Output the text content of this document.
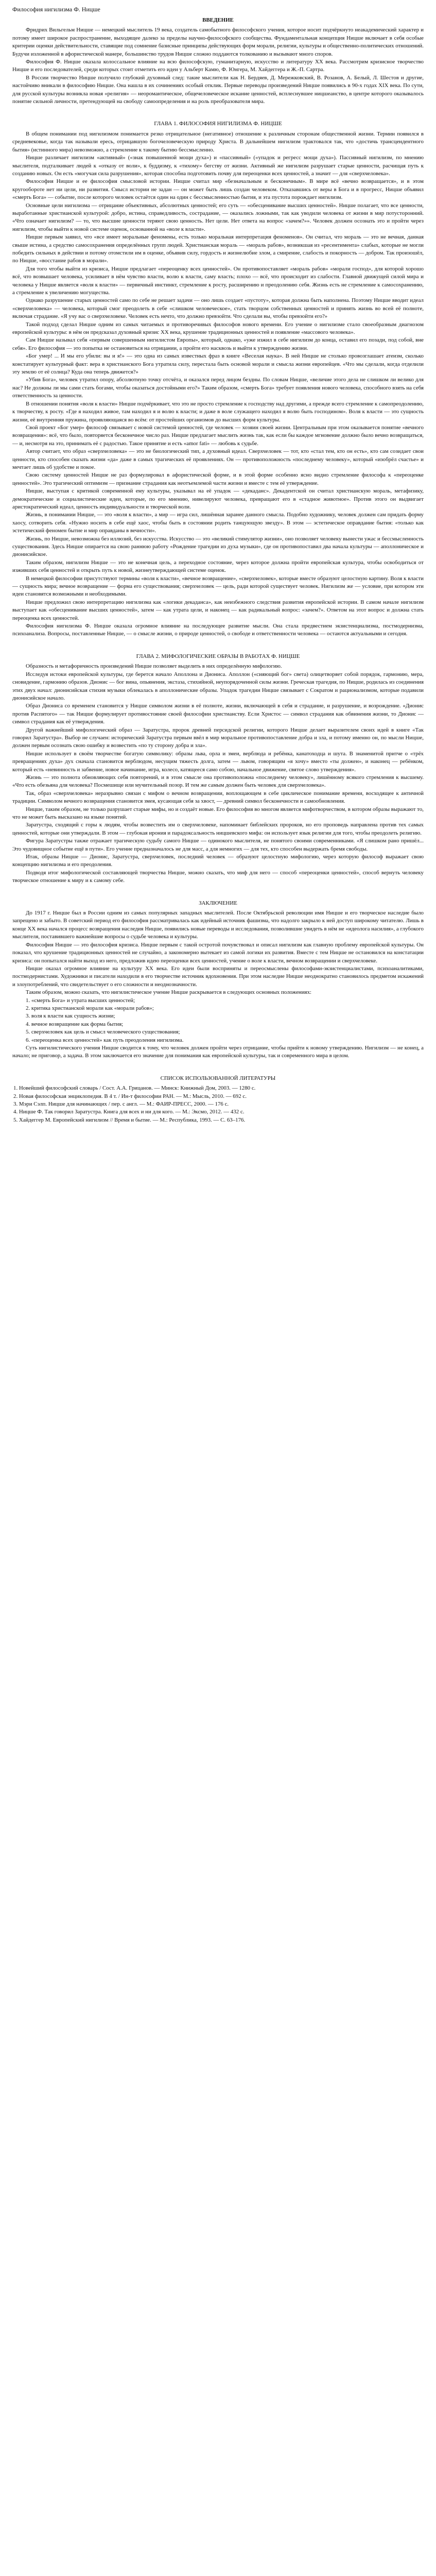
Философия нигилизма Ф. Ницше
ВВЕДЕНИЕ

Фридрих Вильгельм Ницше — немецкий мыслитель 19 века, создатель самобытного философского учения, которое носит подчёркнуто неакадемический характер и потому имеет широкое распространение, выходящее далеко за пределы научно-философского сообщества. Фундаментальная концепция Ницше включает в себя особые критерии оценки действительности, ставящие под сомнение базисные принципы действующих форм морали, религии, культуры и общественно-политических отношений. Будучи изложенной в афористической манере, большинство трудов Ницше сложно поддаются толкованию и вызывают много споров.

Философия Ф. Ницше оказала колоссальное влияние на всю философскую, гуманитарную, искусство и литературу XX века. Рассмотрим кризисное творчество Ницше и его последователей, среди которых стоит отметить его идеи у Альберт Камю, Ф. Юнгера, М. Хайдеггера и Ж.-П. Сартра.

В России творчество Ницше получило глубокий духовный след: такие мыслители как Н. Бердяев, Д. Мережковский, В. Розанов, А. Белый, Л. Шестов и другие, настойчиво вникали в философию Ницше. Она нашла в их сочинениях особый отклик. Первые переводы произведений Ницше появились в 90-х годах XIX века. По сути, для русской культуры возникла новая «религия» — неоромантическое, общечеловеческое искание ценностей, всплеснувшее ницшеанство, в центре которого оказывалось понятие сильной личности, претендующей на свободу самоопределения и на роль преобразователя мира.

ГЛАВА 1. ФИЛОСОФИЯ НИГИЛИЗМА Ф. НИЦШЕ

В общем понимании под нигилизмом понимается резко отрицательное (негативное) отношение к различным сторонам общественной жизни. Термин появился в средневековье, когда так называли ересь, отрицавшую богочеловеческую природу Христа. В дальнейшем нигилизм трактовался так, что «достичь трансцендентного бытия» (истинного мира) невозможно, а стремление к такому бытию бессмысленно.

Ницше различает нигилизм «активный» («знак повышенной мощи духа») и «пассивный» («упадок и регресс мощи духа»). Пассивный нигилизм, по мнению мыслителя, подталкивает людей к «отказу от воли», к буддизму, к «тихому» бегству от жизни. Активный же нигилизм разрушает старые ценности, расчищая путь к созданию новых. Он есть «могучая сила разрушения», которая способна подготовить почву для переоценки всех ценностей, а значит — для «сверхчеловека».

Философия Ницше и ее философия смысловой истории. Ницше считал мир «безначальным и бесконечным». В мире всё «вечно возвращается», и в этом кругообороте нет ни цели, ни развития. Смысл истории не задан — он может быть лишь создан человеком. Отказавшись от веры в Бога и в прогресс, Ницше объявил «смерть Бога» — событие, после которого человек остаётся один на один с бессмысленностью бытия, и эта пустота порождает нигилизм.

Основные цели нигилизма — отрицание объективных, абсолютных ценностей; его суть — «обесценивание высших ценностей». Ницше полагает, что все ценности, выработанные христианской культурой: добро, истина, справедливость, сострадание, — оказались ложными, так как уводили человека от жизни в мир потусторонний. «Что означает нигилизм? — то, что высшие ценности теряют свою ценность. Нет цели. Нет ответа на вопрос «зачем?»». Человек должен осознать это и пройти через нигилизм, чтобы выйти к новой системе оценок, основанной на «воле к власти».

Ницше первым заявил, что «все имеет моральные феномены, есть только моральная интерпретация феноменов». Он считал, что мораль — это не вечная, данная свыше истина, а средство самосохранения определённых групп людей. Христианская мораль — «мораль рабов», возникшая из «ресентимента» слабых, которые не могли победить сильных в действии и потому отомстили им в оценке, объявив силу, гордость и жизнелюбие злом, а смирение, слабость и покорность — добром. Так произошёл, по Ницше, «восстание рабов в морали».

Для того чтобы выйти из кризиса, Ницше предлагает «переоценку всех ценностей». Он противопоставляет «мораль рабов» «морали господ», для которой хорошо всё, что возвышает человека, усиливает в нём чувство власти, волю к власти, саму власть; плохо — всё, что происходит из слабости. Главной движущей силой мира и человека у Ницше является «воля к власти» — первичный инстинкт, стремление к росту, расширению и преодолению себя. Жизнь есть не стремление к самосохранению, а стремление к увеличению могущества.

Однако разрушение старых ценностей само по себе не решает задачи — оно лишь создает «пустоту», которая должна быть наполнена. Поэтому Ницше вводит идеал «сверхчеловека» — человека, который смог преодолеть в себе «слишком человеческое», стать творцом собственных ценностей и принять жизнь во всей её полноте, включая страдание. «Я учу вас о сверхчеловеке. Человек есть нечто, что должно превзойти. Что сделали вы, чтобы превзойти его?»

Такой подход сделал Ницше одним из самых читаемых и противоречивых философов нового времени. Его учение о нигилизме стало своеобразным диагнозом европейской культуры: в нём он предсказал духовный кризис XX века, крушение традиционных ценностей и появление «массового человека».

Сам Ницше называл себя «первым совершенным нигилистом Европы», который, однако, «уже изжил в себе нигилизм до конца, оставил его позади, под собой, вне себя». Его философия — это попытка не остановиться на отрицании, а пройти его насквозь и выйти к утверждению жизни.

«Бог умер! ... И мы его убили: вы и я!» — это одна из самых известных фраз в книге «Веселая наука». В ней Ницше не столько провозглашает атеизм, сколько констатирует культурный факт: вера в христианского Бога утратила силу, перестала быть основой морали и смысла жизни европейцев. «Что мы сделали, когда отделили эту землю от её солнца? Куда она теперь движется?»

«Убив Бога», человек утратил опору, абсолютную точку отсчёта, и оказался перед лицом бездны. По словам Ницше, «величие этого дела не слишком ли велико для нас? Не должны ли мы сами стать богами, чтобы оказаться достойными его?» Таким образом, «смерть Бога» требует появления нового человека, способного взять на себя ответственность за ценности.

В отношении понятия «воля к власти» Ницше подчёркивает, что это не просто стремление к господству над другими, а прежде всего стремление к самопреодолению, к творчеству, к росту. «Где я находил живое, там находил я и волю к власти; и даже в воле служащего находил я волю быть господином». Воля к власти — это сущность жизни, её внутренняя пружина, проявляющаяся во всём: от простейших организмов до высших форм культуры.

Свой проект «Бог умер» философ связывает с новой системой ценностей, где человек — хозяин своей жизни. Центральным при этом оказывается понятие «вечного возвращения»: всё, что было, повторяется бесконечное число раз. Ницше предлагает мыслить жизнь так, как если бы каждое мгновение должно было вечно возвращаться, — и, несмотря на это, принимать её с радостью. Такое принятие и есть «amor fati» — любовь к судьбе.

Автор считает, что образ «сверхчеловека» — это не биологический тип, а духовный идеал. Сверхчеловек — тот, кто «стал тем, кто он есть», кто сам созидает свои ценности, кто способен сказать жизни «да» даже в самых трагических её проявлениях. Он — противоположность «последнему человеку», который «изобрёл счастье» и мечтает лишь об удобстве и покое.

Свою систему ценностей Ницше не раз формулировал в афористической форме, и в этой форме особенно ясно видно стремление философа к «переоценке ценностей». Это трагический оптимизм — признание страдания как неотъемлемой части жизни и вместе с тем её утверждение.

Ницше, выступая с критикой современной ему культуры, указывал на её упадок — «декаданс». Декадентской он считал христианскую мораль, метафизику, демократические и социалистические идеи, которые, по его мнению, нивелируют человека, превращают его в «стадное животное». Против этого он выдвигает аристократический идеал, ценность индивидуальности и творческой воли.

Жизнь, в понимании Ницше, — это «воля к власти», а мир — игра сил, лишённая заранее данного смысла. Подобно художнику, человек должен сам придать форму хаосу, сотворить себя. «Нужно носить в себе ещё хаос, чтобы быть в состоянии родить танцующую звезду». В этом — эстетическое оправдание бытия: «только как эстетический феномен бытие и мир оправданы в вечности».

Жизнь, по Ницше, невозможна без иллюзий, без искусства. Искусство — это «великий стимулятор жизни», оно позволяет человеку вынести ужас и бессмысленность существования. Здесь Ницше опирается на свою раннюю работу «Рождение трагедии из духа музыки», где он противопоставил два начала культуры — аполлоническое и дионисийское.

Таким образом, нигилизм Ницше — это не конечная цель, а переходное состояние, через которое должна пройти европейская культура, чтобы освободиться от изживших себя ценностей и открыть путь к новой, жизнеутверждающей системе оценок.

В немецкой философии присутствуют термины «воля к власти», «вечное возвращение», «сверхчеловек», которые вместе образуют целостную картину. Воля к власти — сущность мира; вечное возвращение — форма его существования; сверхчеловек — цель, ради которой существует человек. Нигилизм же — условие, при котором эти идеи становятся возможными и необходимыми.

Ницше предложил свою интерпретацию нигилизма как «логики декаданса», как неизбежного следствия развития европейской истории. В самом начале нигилизм выступает как «обесценивание высших ценностей», затем — как утрата цели, и наконец — как радикальный вопрос: «зачем?». Ответом на этот вопрос и должна стать переоценка всех ценностей.

Философия нигилизма Ф. Ницше оказала огромное влияние на последующее развитие мысли. Она стала предвестием экзистенциализма, постмодернизма, психоанализа. Вопросы, поставленные Ницше, — о смысле жизни, о природе ценностей, о свободе и ответственности человека — остаются актуальными и сегодня.

ГЛАВА 2. МИФОЛОГИЧЕСКИЕ ОБРАЗЫ В РАБОТАХ Ф. НИЦШЕ

Образность и метафоричность произведений Ницше позволяет выделить в них определённую мифологию.

Исследуя истоки европейской культуры, где берется начало Аполлона и Диониса. Аполлон («сияющий бог» света) олицетворяет собой порядок, гармонию, мера, сновидение, гармонию образов. Дионис — бог вина, опьянения, экстаза, стихийной, неупорядоченной силы жизни. Греческая трагедия, по Ницше, родилась из соединения этих двух начал: дионисийская стихия музыки облекалась в аполлонические образы. Упадок трагедии Ницше связывает с Сократом и рационализмом, которые подавили дионисийское начало.

Образ Диониса со временем становится у Ницше символом жизни в её полноте, жизни, включающей в себя и страдание, и разрушение, и возрождение. «Дионис против Распятого» — так Ницше формулирует противостояние своей философии христианству. Если Христос — символ страдания как обвинения жизни, то Дионис — символ страдания как её утверждения.

Другой важнейший мифологический образ — Заратустра, пророк древней персидской религии, которого Ницше делает выразителем своих идей в книге «Так говорил Заратустра». Выбор не случаен: исторический Заратустра первым ввёл в мир моральное противопоставление добра и зла, и потому именно он, по мысли Ницше, должен первым осознать свою ошибку и возвестить «по ту сторону добра и зла».

Ницше использует в своём творчестве богатую символику: образы льва, орла и змеи, верблюда и ребёнка, канатоходца и шута. В знаменитой притче о «трёх превращениях духа» дух сначала становится верблюдом, несущим тяжесть долга, затем — львом, говорящим «я хочу» вместо «ты должен», и наконец — ребёнком, который есть «невинность и забвение, новое начинание, игра, колесо, катящееся само собою, начальное движение, святое слово утверждения».

Жизнь — это полнота обновляющих себя повторений, и в этом смысле она противоположна «последнему человеку», лишённому всякого стремления к высшему. «Что есть обезьяна для человека? Посмешище или мучительный позор. И тем же самым должен быть человек для сверхчеловека».

Так, образ «сверхчеловека» неразрывно связан с мифом о вечном возвращении, воплощающем в себе циклическое понимание времени, восходящее к античной традиции. Символом вечного возвращения становится змея, кусающая себя за хвост, — древний символ бесконечности и самообновления.

Ницше, таким образом, не только разрушает старые мифы, но и создаёт новые. Его философия во многом является мифотворчеством, в котором образы выражают то, что не может быть высказано на языке понятий.

Заратустра, сходящий с горы к людям, чтобы возвестить им о сверхчеловеке, напоминает библейских пророков, но его проповедь направлена против тех самых ценностей, которые они утверждали. В этом — глубокая ирония и парадоксальность ницшевского мифа: он использует язык религии для того, чтобы преодолеть религию.

Фигура Заратустры также отражает трагическую судьбу самого Ницше — одинокого мыслителя, не понятого своими современниками. «Я слишком рано пришёл... Это чудовищное событие ещё в пути». Его учение предназначалось не для масс, а для немногих — для тех, кто способен выдержать бремя свободы.

Итак, образы Ницше — Дионис, Заратустра, сверхчеловек, последний человек — образуют целостную мифологию, через которую философ выражает свою концепцию нигилизма и его преодоления.

Подводя итог мифологической составляющей творчества Ницше, можно сказать, что миф для него — способ «переоценки ценностей», способ вернуть человеку творческое отношение к миру и к самому себе.

ЗАКЛЮЧЕНИЕ

До 1917 г. Ницше был в России одним из самых популярных западных мыслителей. После Октябрьской революции имя Ницше и его творческое наследие было запрещено и забыто. В советский период его философия рассматривалась как идейный источник фашизма, что надолго закрыло к ней доступ широкому читателю. Лишь в конце XX века начался процесс возвращения наследия Ницше, появились новые переводы и исследования, позволившие увидеть в нём не «идеолога насилия», а глубокого мыслителя, поставившего важнейшие вопросы о судьбе человека и культуры.

Философия Ницше — это философия кризиса. Ницше первым с такой остротой почувствовал и описал нигилизм как главную проблему европейской культуры. Он показал, что крушение традиционных ценностей не случайно, а закономерно вытекает из самой логики их развития. Вместе с тем Ницше не остановился на констатации кризиса: он попытался найти выход из него, предложив идею переоценки всех ценностей, учение о воле к власти, вечном возвращении и сверхчеловеке.

Ницше оказал огромное влияние на культуру XX века. Его идеи были восприняты и переосмыслены философами-экзистенциалистами, психоаналитиками, постмодернистами. Художники и писатели находили в его творчестве источник вдохновения. При этом наследие Ницше неоднократно становилось предметом искажений и злоупотреблений, что свидетельствует о его сложности и неоднозначности.

Таким образом, можно сказать, что нигилистическое учение Ницше раскрывается в следующих основных положениях:

1. «смерть Бога» и утрата высших ценностей;

2. критика христианской морали как «морали рабов»;

3. воля к власти как сущность жизни;

4. вечное возвращение как форма бытия;

5. сверхчеловек как цель и смысл человеческого существования;

6. «переоценка всех ценностей» как путь преодоления нигилизма.

Суть нигилистического учения Ницше сводится к тому, что человек должен пройти через отрицание, чтобы прийти к новому утверждению. Нигилизм — не конец, а начало; не приговор, а задача. В этом заключается его значение для понимания как европейской культуры, так и современного мира в целом.

СПИСОК ИСПОЛЬЗОВАННОЙ ЛИТЕРАТУРЫ
1. Новейший философский словарь / Сост. А.А. Грицанов. — Минск: Книжный Дом, 2003. — 1280 с.
2. Новая философская энциклопедия. В 4 т. / Ин-т философии РАН. — М.: Мысль, 2010. — 692 с.
3. Мэри Сэлп. Ницше для начинающих / пер. с англ. — М.: ФАИР-ПРЕСС, 2000. — 176 с.
4. Ницше Ф. Так говорил Заратустра. Книга для всех и ни для кого. — М.: Эксмо, 2012. — 432 с.
5. Хайдеггер М. Европейский нигилизм // Время и бытие. — М.: Республика, 1993. — С. 63–176.
